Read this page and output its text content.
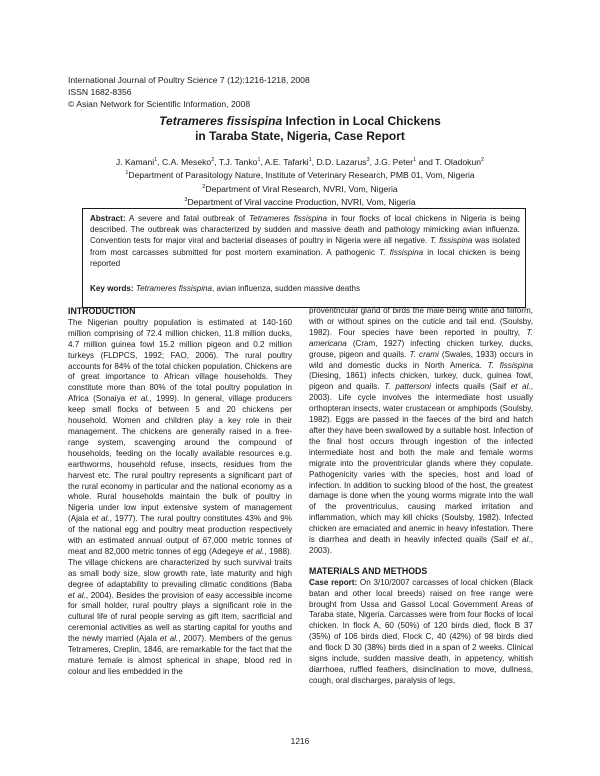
International Journal of Poultry Science 7 (12):1216-1218, 2008
ISSN 1682-8356
© Asian Network for Scientific Information, 2008
Tetrameres fissispina Infection in Local Chickens
in Taraba State, Nigeria, Case Report
J. Kamani$^1$, C.A. Meseko$^2$, T.J. Tanko$^1$, A.E. Tafarki$^1$, D.D. Lazarus$^3$, J.G. Peter$^1$ and T. Oladokun$^2$
$^1$Department of Parasitology Nature, Institute of Veterinary Research, PMB 01, Vom, Nigeria
$^2$Department of Viral Research, NVRI, Vom, Nigeria
$^3$Department of Viral vaccine Production, NVRI, Vom, Nigeria
Abstract: A severe and fatal outbreak of Tetrameres fissispina in four flocks of local chickens in Nigeria is being described. The outbreak was characterized by sudden and massive death and pathology mimicking avian influenza. Convention tests for major viral and bacterial diseases of poultry in Nigeria were all negative. T. fissispina was isolated from most carcasses submitted for post mortem examination. A pathogenic T. fissispina in local chicken is being reported
Key words: Tetrameres fissispina, avian influenza, sudden massive deaths
INTRODUCTION

The Nigerian poultry population is estimated at 140-160 million comprising of 72.4 million chicken, 11.8 million ducks, 4.7 million guinea fowl 15.2 million pigeon and 0.2 million turkeys (FLDPCS, 1992; FAO, 2006). The rural poultry accounts for 84% of the total chicken population. Chickens are of great importance to African village households. They constitute more than 80% of the total poultry population in Africa (Sonaiya et al., 1999). In general, village producers keep small flocks of between 5 and 20 chickens per household. Women and children play a key role in their management. The chickens are generally raised in a free-range system, scavenging around the compound of households, feeding on the locally available resources e.g. earthworms, household refuse, insects, residues from the harvest etc. The rural poultry represents a significant part of the rural economy in particular and the national economy as a whole. Rural households maintain the bulk of poultry in Nigeria under low input extensive system of management (Ajala et al., 1977). The rural poultry constitutes 43% and 9% of the national egg and poultry meat production respectively with an estimated annual output of 67,000 metric tonnes of meat and 82,000 metric tonnes of egg (Adegeye et al., 1988). The village chickens are characterized by such survival traits as small body size, slow growth rate, late maturity and high degree of adaptability to prevailing climatic conditions (Baba et al., 2004). Besides the provision of easy accessible income for small holder, rural poultry plays a significant role in the cultural life of rural people serving as gift item, sacrificial and ceremonial activities as well as starting capital for youths and the newly married (Ajala et al., 2007). Members of the genus Tetrameres, Creplin, 1846, are remarkable for the fact that the mature female is almost spherical in shape, blood red in colour and lies embedded in the

proventricular gland of birds the male being white and filiform, with or without spines on the cuticle and tail end. (Soulsby, 1982). Four species have been reported in poultry, T. americana (Cram, 1927) infecting chicken turkey, ducks, grouse, pigeon and quails. T. crami (Swales, 1933) occurs in wild and domestic ducks in North America. T. fissispina (Diesing, 1861) infects chicken, turkey, duck, guinea fowl, pigeon and quails. T. pattersoni infects quails (Saif et al., 2003). Life cycle involves the intermediate host usually orthopteran insects, water crustacean or amphipods (Soulsby, 1982). Eggs are passed in the faeces of the bird and hatch after they have been swallowed by a suitable host. Infection of the final host occurs through ingestion of the infected intermediate host and both the male and female worms migrate into the proventricular glands where they copulate. Pathogenicity varies with the species, host and load of infection. In addition to sucking blood of the host, the greatest damage is done when the young worms migrate into the wall of the proventriculus, causing marked irritation and inflammation, which may kill chicks (Soulsby, 1982). Infected chicken are emaciated and anemic in heavy infestation. There is diarrhea and death in heavily infected quails (Saif et al., 2003).

MATERIALS AND METHODS

Case report: On 3/10/2007 carcasses of local chicken (Black batan and other local breeds) raised on free range were brought from Ussa and Gassol Local Government Areas of Taraba state, Nigeria. Carcasses were from four flocks of local chicken. In flock A, 60 (50%) of 120 birds died, flock B 37 (35%) of 106 birds died, Flock C, 40 (42%) of 98 birds died and flock D 30 (38%) birds died in a span of 2 weeks. Clinical signs include, sudden massive death, in appetency, whitish diarrhoea, ruffled feathers, disinclination to move, dullness, cough, oral discharges, paralysis of legs,

1216
